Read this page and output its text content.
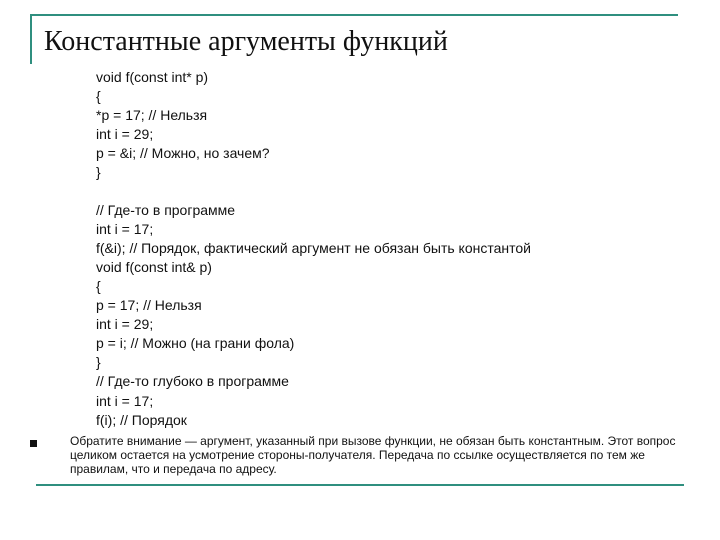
Константные аргументы функций
void f(const int* p)
{
*p = 17; // Нельзя
int i = 29;
p = &i; // Можно, но зачем?
}
// Где-то в программе
int i = 17;
f(&i); // Порядок, фактический аргумент не обязан быть константой
void f(const int& p)
{
p = 17; // Нельзя
int i = 29;
p = i; // Можно (на грани фола)
}
// Где-то глубоко в программе
int i = 17;
f(i); // Порядок
Обратите внимание — аргумент, указанный при вызове функции, не обязан быть константным. Этот вопрос целиком остается на усмотрение стороны-получателя. Передача по ссылке осуществляется по тем же правилам, что и передача по адресу.
